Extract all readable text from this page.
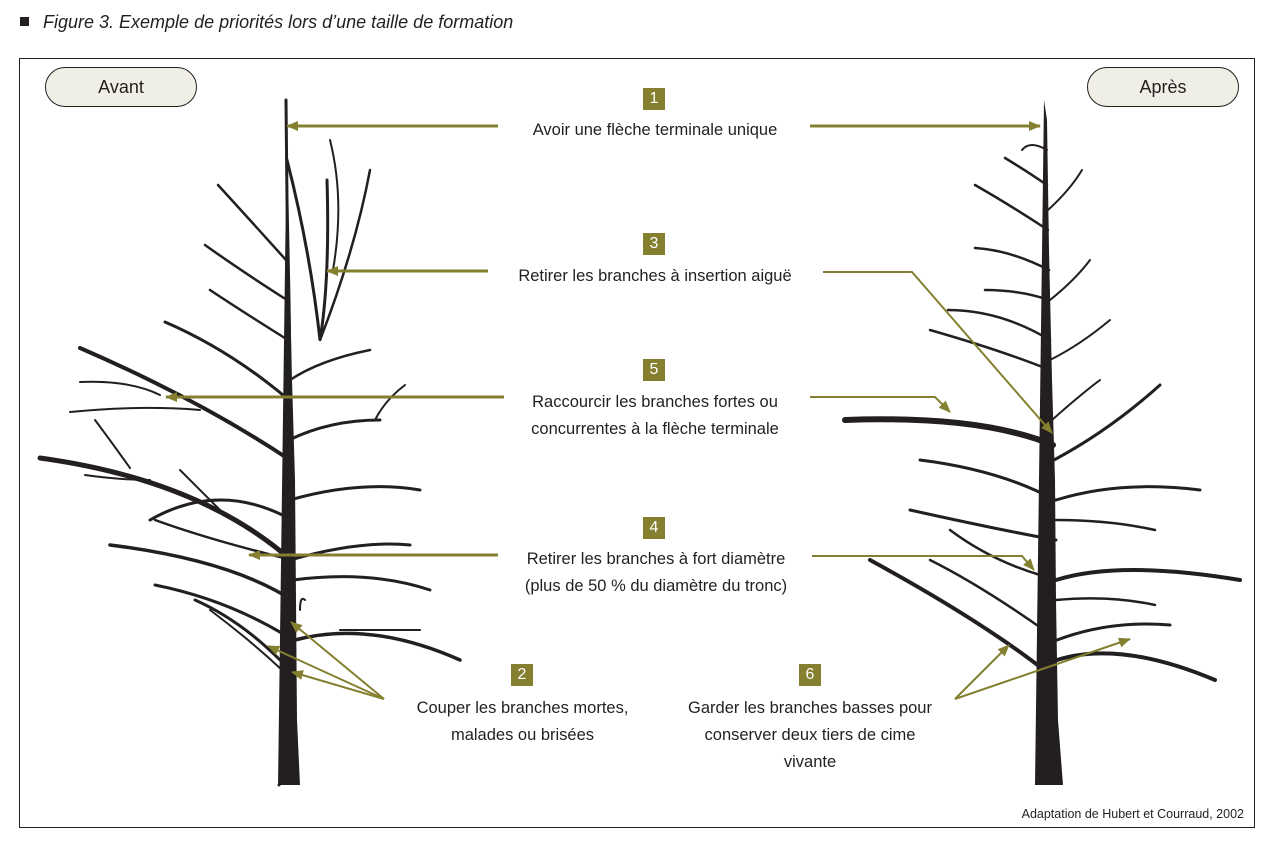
Figure 3. Exemple de priorités lors d’une taille de formation
Avant	Après
1
Avoir une flèche terminale unique
3
Retirer les branches à insertion aiguë
5
Raccourcir les branches fortes ou
concurrentes à la flèche terminale
4
Retirer les branches à fort diamètre
(plus de 50 % du diamètre du tronc)
2
Couper les branches mortes,
malades ou brisées
6
Garder les branches basses pour
conserver deux tiers de cime
vivante
Adaptation de Hubert et Courraud, 2002
